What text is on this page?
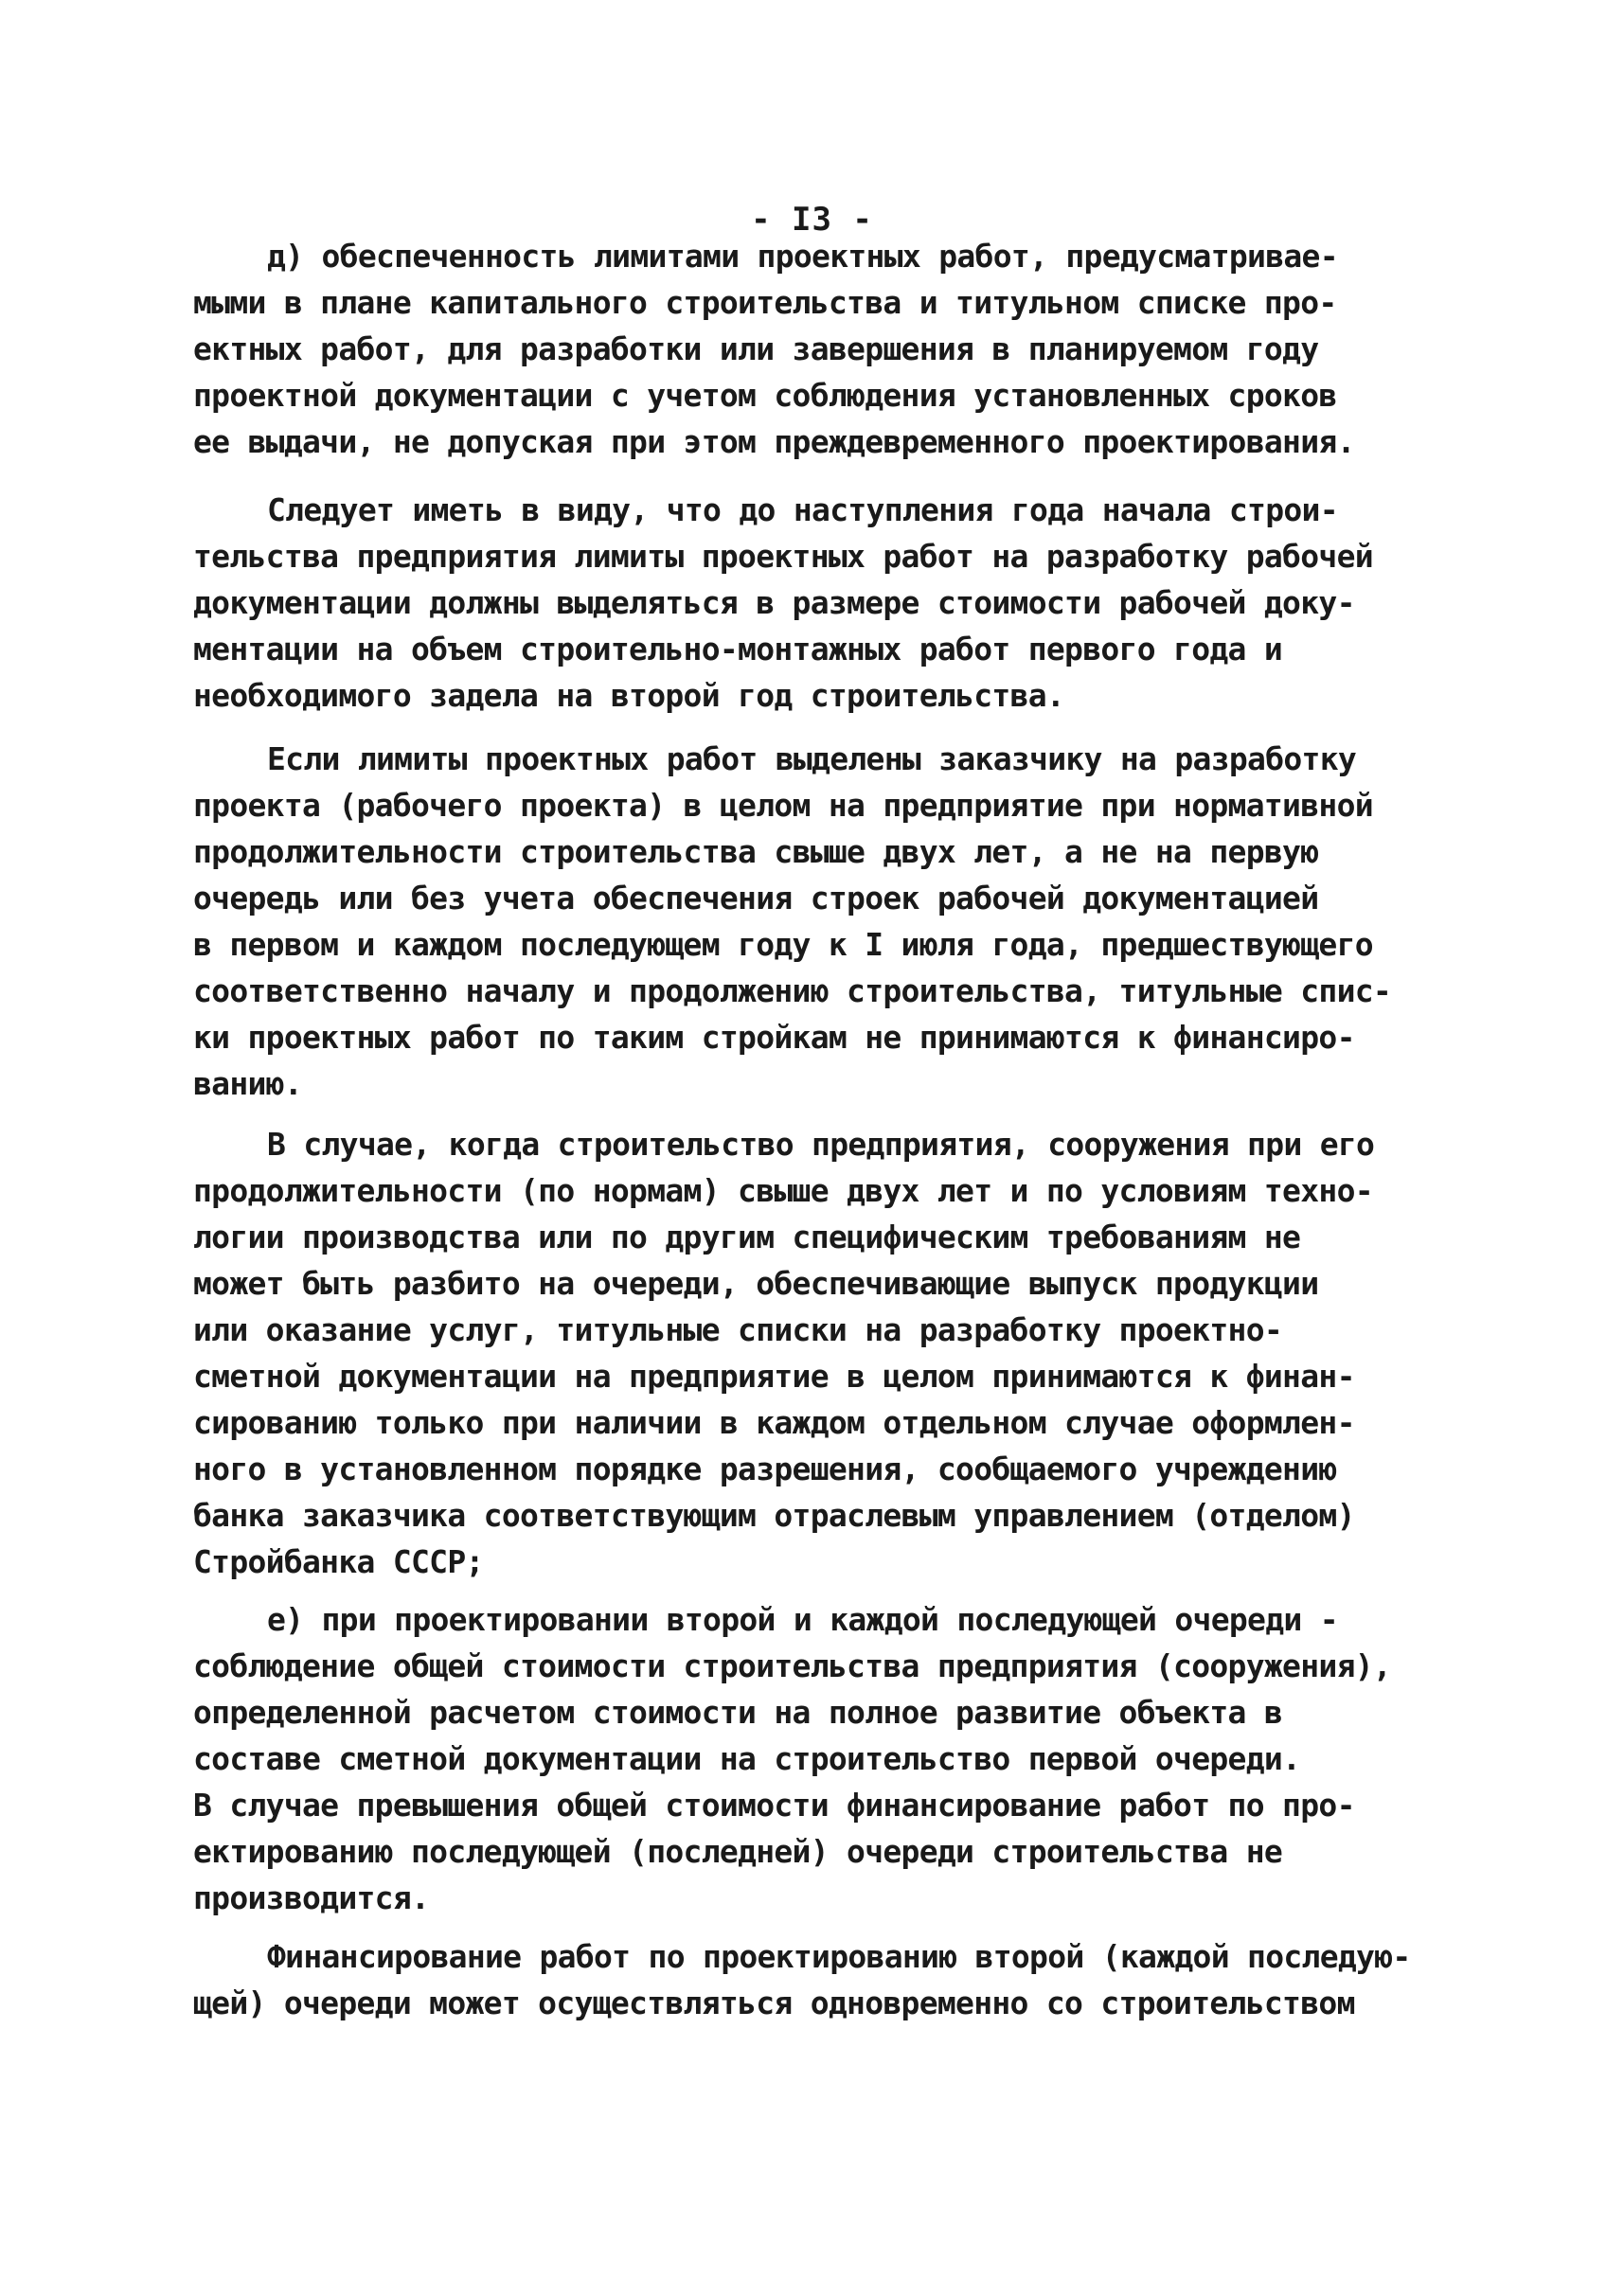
- I3 -
д) обеспеченность лимитами проектных работ, предусматривае-
мыми в плане капитального строительства и титульном списке про-
ектных работ, для разработки или завершения в планируемом году
проектной документации с учетом соблюдения установленных сроков
ее выдачи, не допуская при этом преждевременного проектирования.
Следует иметь в виду, что до наступления года начала строи-
тельства предприятия лимиты проектных работ на разработку рабочей
документации должны выделяться в размере стоимости рабочей доку-
ментации на объем строительно-монтажных работ первого года и
необходимого задела на второй год строительства.
Если лимиты проектных работ выделены заказчику на разработку
проекта (рабочего проекта) в целом на предприятие при нормативной
продолжительности строительства свыше двух лет, а не на первую
очередь или без учета обеспечения строек рабочей документацией
в первом и каждом последующем году к I июля года, предшествующего
соответственно началу и продолжению строительства, титульные спис-
ки проектных работ по таким стройкам не принимаются к финансиро-
ванию.
В случае, когда строительство предприятия, сооружения при его
продолжительности (по нормам) свыше двух лет и по условиям техно-
логии производства или по другим специфическим требованиям не
может быть разбито на очереди, обеспечивающие выпуск продукции
или оказание услуг, титульные списки на разработку проектно-
сметной документации на предприятие в целом принимаются к финан-
сированию только при наличии в каждом отдельном случае оформлен-
ного в установленном порядке разрешения, сообщаемого учреждению
банка заказчика соответствующим отраслевым управлением (отделом)
Стройбанка СССР;
е) при проектировании второй и каждой последующей очереди -
соблюдение общей стоимости строительства предприятия (сооружения),
определенной расчетом стоимости на полное развитие объекта в
составе сметной документации на строительство первой очереди.
В случае превышения общей стоимости финансирование работ по про-
ектированию последующей (последней) очереди строительства не
производится.
Финансирование работ по проектированию второй (каждой последую-
щей) очереди может осуществляться одновременно со строительством
